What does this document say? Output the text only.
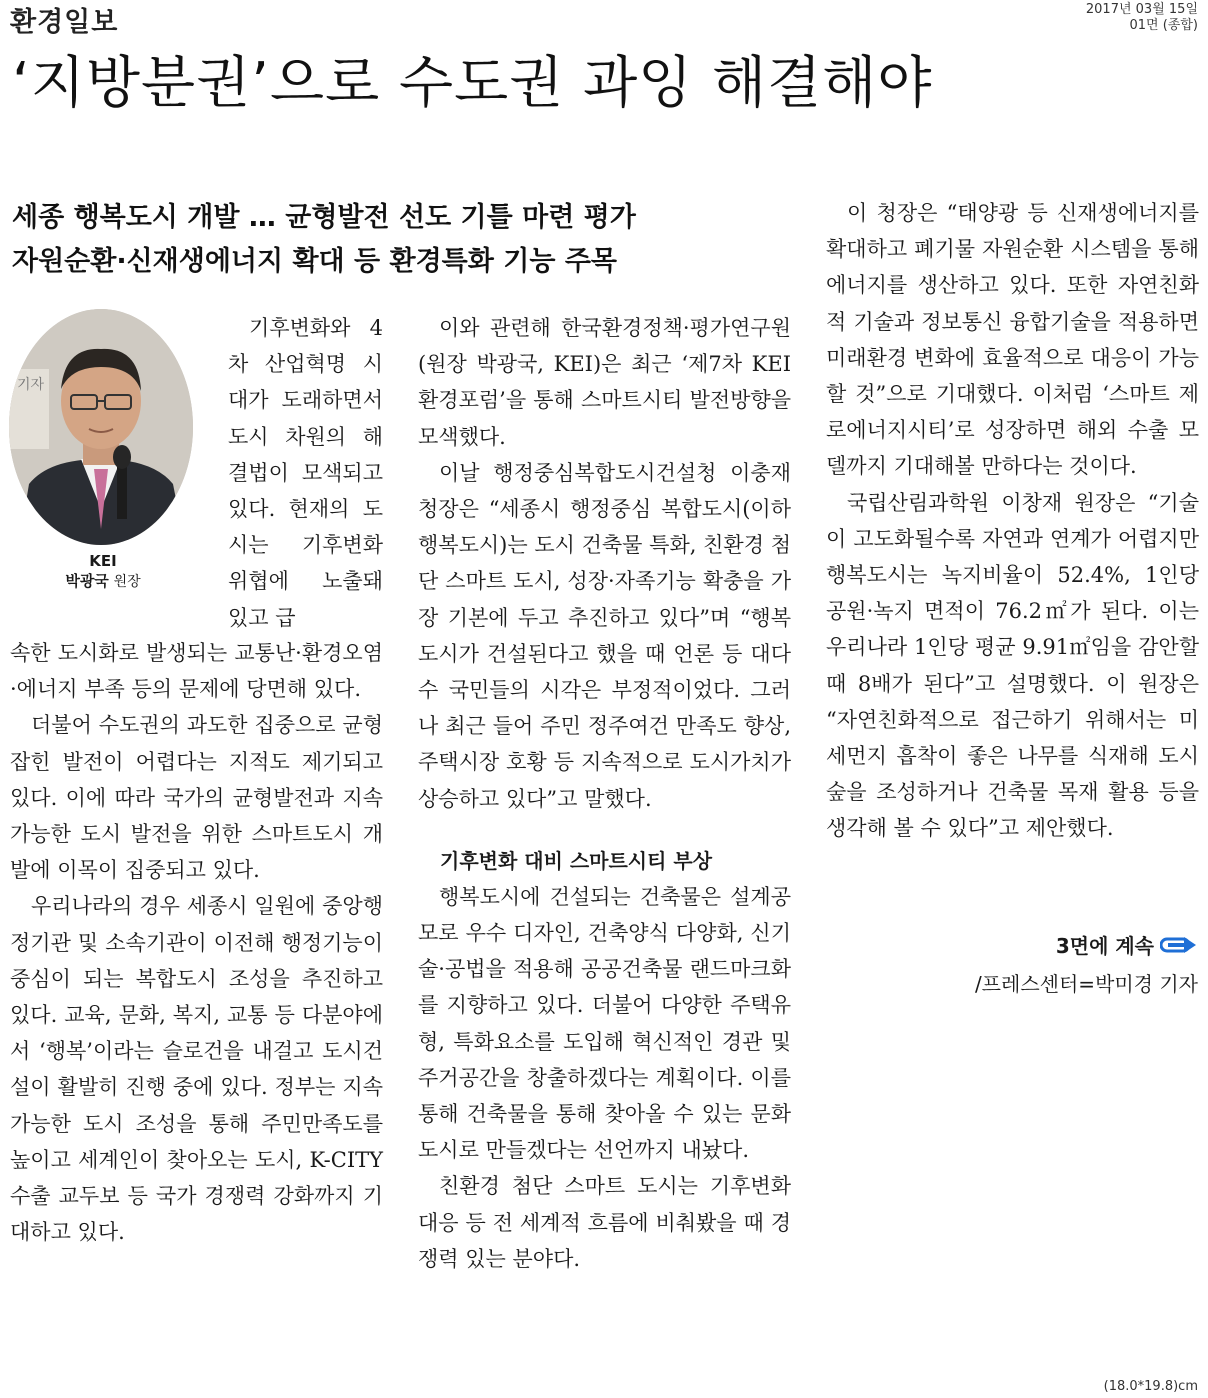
환경일보	2017년 03월 15일
01면 (종합)
‘지방분권’으로 수도권 과잉 해결해야
세종 행복도시 개발 … 균형발전 선도 기틀 마련 평가
자원순환·신재생에너지 확대 등 환경특화 기능 주목
기자
KEI
박광국 원장

기후변화와 4차 산업혁명 시대가 도래하면서 도시 차원의 해결법이 모색되고 있다. 현재의 도시는 기후변화 위협에 노출돼 있고 급

속한 도시화로 발생되는 교통난·환경오염·에너지 부족 등의 문제에 당면해 있다.

더불어 수도권의 과도한 집중으로 균형 잡힌 발전이 어렵다는 지적도 제기되고 있다. 이에 따라 국가의 균형발전과 지속가능한 도시 발전을 위한 스마트도시 개발에 이목이 집중되고 있다.

우리나라의 경우 세종시 일원에 중앙행정기관 및 소속기관이 이전해 행정기능이 중심이 되는 복합도시 조성을 추진하고 있다. 교육, 문화, 복지, 교통 등 다분야에서 ‘행복’이라는 슬로건을 내걸고 도시건설이 활발히 진행 중에 있다. 정부는 지속가능한 도시 조성을 통해 주민만족도를 높이고 세계인이 찾아오는 도시, K-CITY 수출 교두보 등 국가 경쟁력 강화까지 기대하고 있다.

이와 관련해 한국환경정책·평가연구원(원장 박광국, KEI)은 최근 ‘제7차 KEI 환경포럼’을 통해 스마트시티 발전방향을 모색했다.

이날 행정중심복합도시건설청 이충재 청장은 “세종시 행정중심 복합도시(이하 행복도시)는 도시 건축물 특화, 친환경 첨단 스마트 도시, 성장·자족기능 확충을 가장 기본에 두고 추진하고 있다”며 “행복도시가 건설된다고 했을 때 언론 등 대다수 국민들의 시각은 부정적이었다. 그러나 최근 들어 주민 정주여건 만족도 향상, 주택시장 호황 등 지속적으로 도시가치가 상승하고 있다”고 말했다.

기후변화 대비 스마트시티 부상

행복도시에 건설되는 건축물은 설계공모로 우수 디자인, 건축양식 다양화, 신기술·공법을 적용해 공공건축물 랜드마크화를 지향하고 있다. 더불어 다양한 주택유형, 특화요소를 도입해 혁신적인 경관 및 주거공간을 창출하겠다는 계획이다. 이를 통해 건축물을 통해 찾아올 수 있는 문화도시로 만들겠다는 선언까지 내놨다.

친환경 첨단 스마트 도시는 기후변화 대응 등 전 세계적 흐름에 비춰봤을 때 경쟁력 있는 분야다.

이 청장은 “태양광 등 신재생에너지를 확대하고 폐기물 자원순환 시스템을 통해 에너지를 생산하고 있다. 또한 자연친화적 기술과 정보통신 융합기술을 적용하면 미래환경 변화에 효율적으로 대응이 가능할 것”으로 기대했다. 이처럼 ‘스마트 제로에너지시티’로 성장하면 해외 수출 모델까지 기대해볼 만하다는 것이다.

국립산림과학원 이창재 원장은 “기술이 고도화될수록 자연과 연계가 어렵지만 행복도시는 녹지비율이 52.4%, 1인당 공원·녹지 면적이 76.2㎡가 된다. 이는 우리나라 1인당 평균 9.91㎡임을 감안할 때 8배가 된다”고 설명했다. 이 원장은 “자연친화적으로 접근하기 위해서는 미세먼지 흡착이 좋은 나무를 식재해 도시 숲을 조성하거나 건축물 목재 활용 등을 생각해 볼 수 있다”고 제안했다.

3면에 계속
/프레스센터=박미경 기자
(18.0*19.8)cm
